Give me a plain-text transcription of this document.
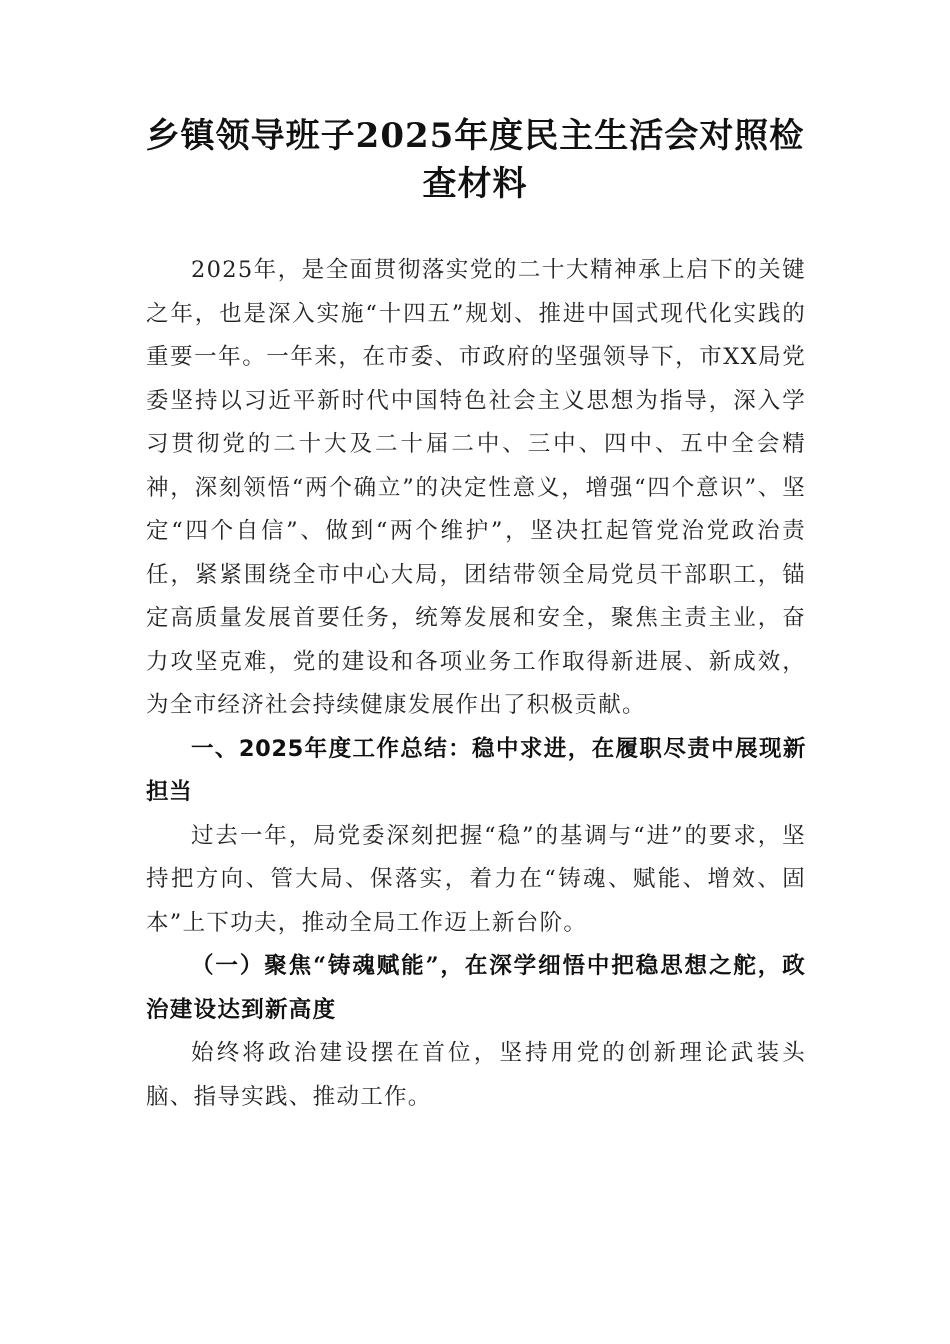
乡镇领导班子2025年度民主生活会对照检查材料

2025年，是全面贯彻落实党的二十大精神承上启下的关键之年，也是深入实施“十四五”规划、推进中国式现代化实践的重要一年。一年来，在市委、市政府的坚强领导下，市XX局党委坚持以习近平新时代中国特色社会主义思想为指导，深入学习贯彻党的二十大及二十届二中、三中、四中、五中全会精神，深刻领悟“两个确立”的决定性意义，增强“四个意识”、坚定“四个自信”、做到“两个维护”，坚决扛起管党治党政治责任，紧紧围绕全市中心大局，团结带领全局党员干部职工，锚定高质量发展首要任务，统筹发展和安全，聚焦主责主业，奋力攻坚克难，党的建设和各项业务工作取得新进展、新成效，为全市经济社会持续健康发展作出了积极贡献。

一、2025年度工作总结：稳中求进，在履职尽责中展现新担当

过去一年，局党委深刻把握“稳”的基调与“进”的要求，坚持把方向、管大局、保落实，着力在“铸魂、赋能、增效、固本”上下功夫，推动全局工作迈上新台阶。

（一）聚焦“铸魂赋能”，在深学细悟中把稳思想之舵，政治建设达到新高度

始终将政治建设摆在首位，坚持用党的创新理论武装头脑、指导实践、推动工作。
